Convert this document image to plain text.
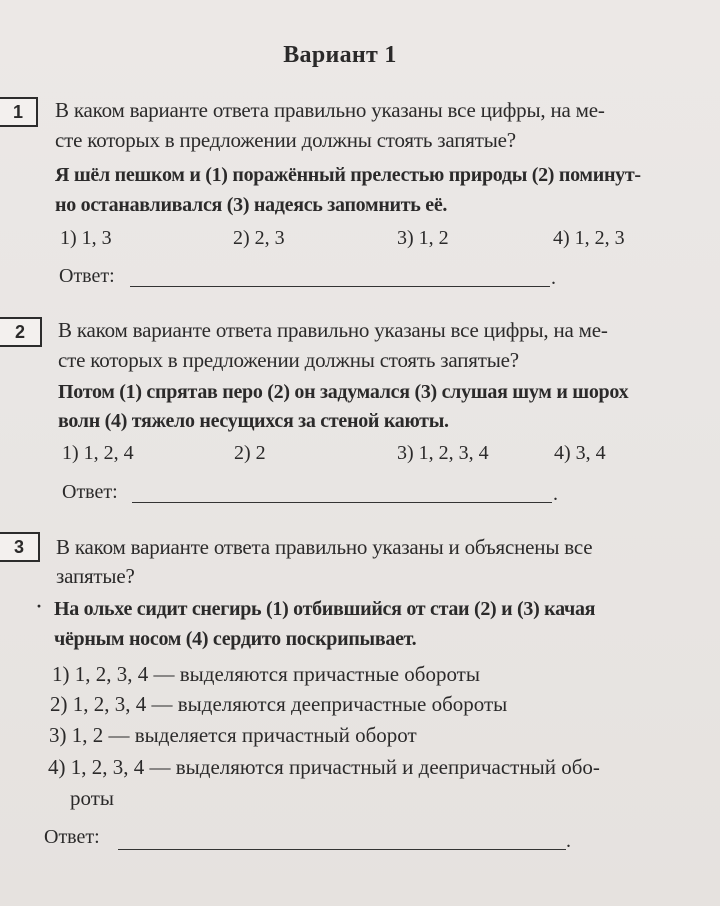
Вариант 1
1	В каком варианте ответа правильно указаны все цифры, на ме-
сте которых в предложении должны стоять запятые?
Я шёл пешком и (1) поражённый прелестью природы (2) поминут-
но останавливался (3) надеясь запомнить её.
1) 1, 3	2) 2, 3	3) 1, 2	4) 1, 2, 3
Ответ:	.
2	В каком варианте ответа правильно указаны все цифры, на ме-
сте которых в предложении должны стоять запятые?
Потом (1) спрятав перо (2) он задумался (3) слушая шум и шорох
волн (4) тяжело несущихся за стеной каюты.
1) 1, 2, 4	2) 2	3) 1, 2, 3, 4	4) 3, 4
Ответ:	.
3	В каком варианте ответа правильно указаны и объяснены все
запятые?
· На ольхе сидит снегирь (1) отбившийся от стаи (2) и (3) качая
чёрным носом (4) сердито поскрипывает.
1) 1, 2, 3, 4 — выделяются причастные обороты
2) 1, 2, 3, 4 — выделяются деепричастные обороты
3) 1, 2 — выделяется причастный оборот
4) 1, 2, 3, 4 — выделяются причастный и деепричастный обо-
роты
Ответ:	.
